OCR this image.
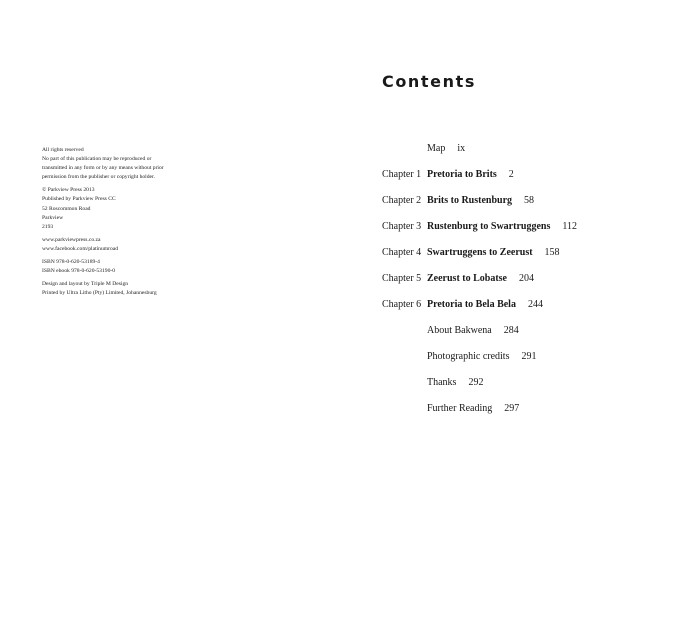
All rights reserved
No part of this publication may be reproduced or
transmitted in any form or by any means without prior
permission from the publisher or copyright holder.
© Parkview Press 2013
Published by Parkview Press CC
52 Roscommon Road
Parkview
2193
www.parkviewpress.co.za
www.facebook.com/platinumroad
ISBN 978-0-620-53189-4
ISBN ebook 978-0-620-53190-0
Design and layout by Triple M Design
Printed by Ultra Litho (Pty) Limited, Johannesburg
Contents
Map ix
Chapter 1 Pretoria to Brits 2
Chapter 2 Brits to Rustenburg 58
Chapter 3 Rustenburg to Swartruggens 112
Chapter 4 Swartruggens to Zeerust 158
Chapter 5 Zeerust to Lobatse 204
Chapter 6 Pretoria to Bela Bela 244
About Bakwena 284
Photographic credits 291
Thanks 292
Further Reading 297
